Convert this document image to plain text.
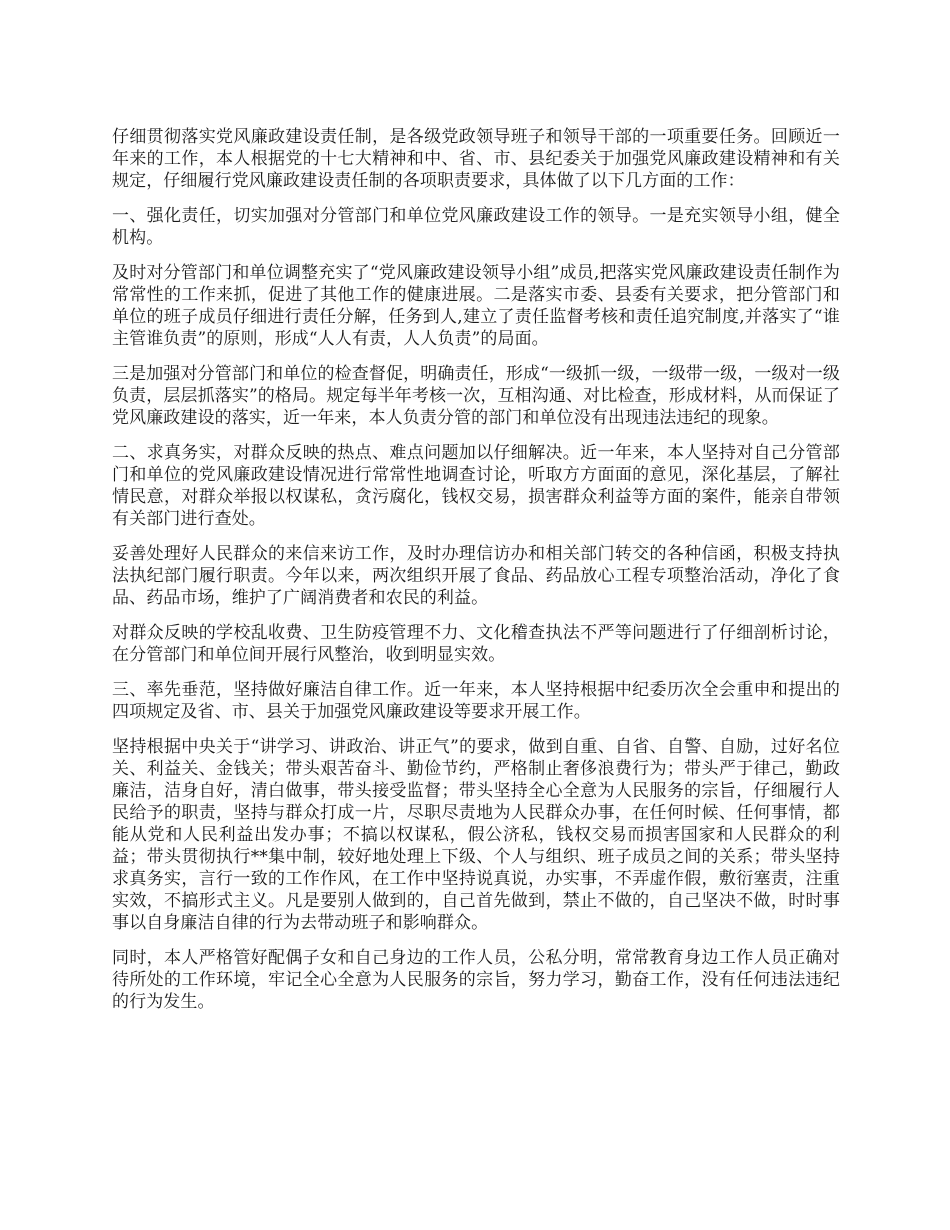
仔细贯彻落实党风廉政建设责任制，是各级党政领导班子和领导干部的一项重要任务。回顾近一年来的工作，本人根据党的十七大精神和中、省、市、县纪委关于加强党风廉政建设精神和有关规定，仔细履行党风廉政建设责任制的各项职责要求，具体做了以下几方面的工作：

一、强化责任，切实加强对分管部门和单位党风廉政建设工作的领导。一是充实领导小组，健全机构。

及时对分管部门和单位调整充实了“党风廉政建设领导小组”成员,把落实党风廉政建设责任制作为常常性的工作来抓，促进了其他工作的健康进展。二是落实市委、县委有关要求，把分管部门和单位的班子成员仔细进行责任分解，任务到人,建立了责任监督考核和责任追究制度,并落实了“谁主管谁负责”的原则，形成“人人有责，人人负责”的局面。

三是加强对分管部门和单位的检查督促，明确责任，形成“一级抓一级，一级带一级，一级对一级负责，层层抓落实”的格局。规定每半年考核一次，互相沟通、对比检查，形成材料，从而保证了党风廉政建设的落实，近一年来，本人负责分管的部门和单位没有出现违法违纪的现象。

二、求真务实，对群众反映的热点、难点问题加以仔细解决。近一年来，本人坚持对自己分管部门和单位的党风廉政建设情况进行常常性地调查讨论，听取方方面面的意见，深化基层，了解社情民意，对群众举报以权谋私，贪污腐化，钱权交易，损害群众利益等方面的案件，能亲自带领有关部门进行查处。

妥善处理好人民群众的来信来访工作，及时办理信访办和相关部门转交的各种信函，积极支持执法执纪部门履行职责。今年以来，两次组织开展了食品、药品放心工程专项整治活动，净化了食品、药品市场，维护了广阔消费者和农民的利益。

对群众反映的学校乱收费、卫生防疫管理不力、文化稽查执法不严等问题进行了仔细剖析讨论，在分管部门和单位间开展行风整治，收到明显实效。

三、率先垂范，坚持做好廉洁自律工作。近一年来，本人坚持根据中纪委历次全会重申和提出的四项规定及省、市、县关于加强党风廉政建设等要求开展工作。

坚持根据中央关于“讲学习、讲政治、讲正气”的要求，做到自重、自省、自警、自励，过好名位关、利益关、金钱关；带头艰苦奋斗、勤俭节约，严格制止奢侈浪费行为；带头严于律己，勤政廉洁，洁身自好，清白做事，带头接受监督；带头坚持全心全意为人民服务的宗旨，仔细履行人民给予的职责，坚持与群众打成一片，尽职尽责地为人民群众办事，在任何时候、任何事情，都能从党和人民利益出发办事；不搞以权谋私，假公济私，钱权交易而损害国家和人民群众的利益；带头贯彻执行**集中制，较好地处理上下级、个人与组织、班子成员之间的关系；带头坚持求真务实，言行一致的工作作风，在工作中坚持说真说，办实事，不弄虚作假，敷衍塞责，注重实效，不搞形式主义。凡是要别人做到的，自己首先做到，禁止不做的，自己坚决不做，时时事事以自身廉洁自律的行为去带动班子和影响群众。

同时，本人严格管好配偶子女和自己身边的工作人员，公私分明，常常教育身边工作人员正确对待所处的工作环境，牢记全心全意为人民服务的宗旨，努力学习，勤奋工作，没有任何违法违纪的行为发生。
